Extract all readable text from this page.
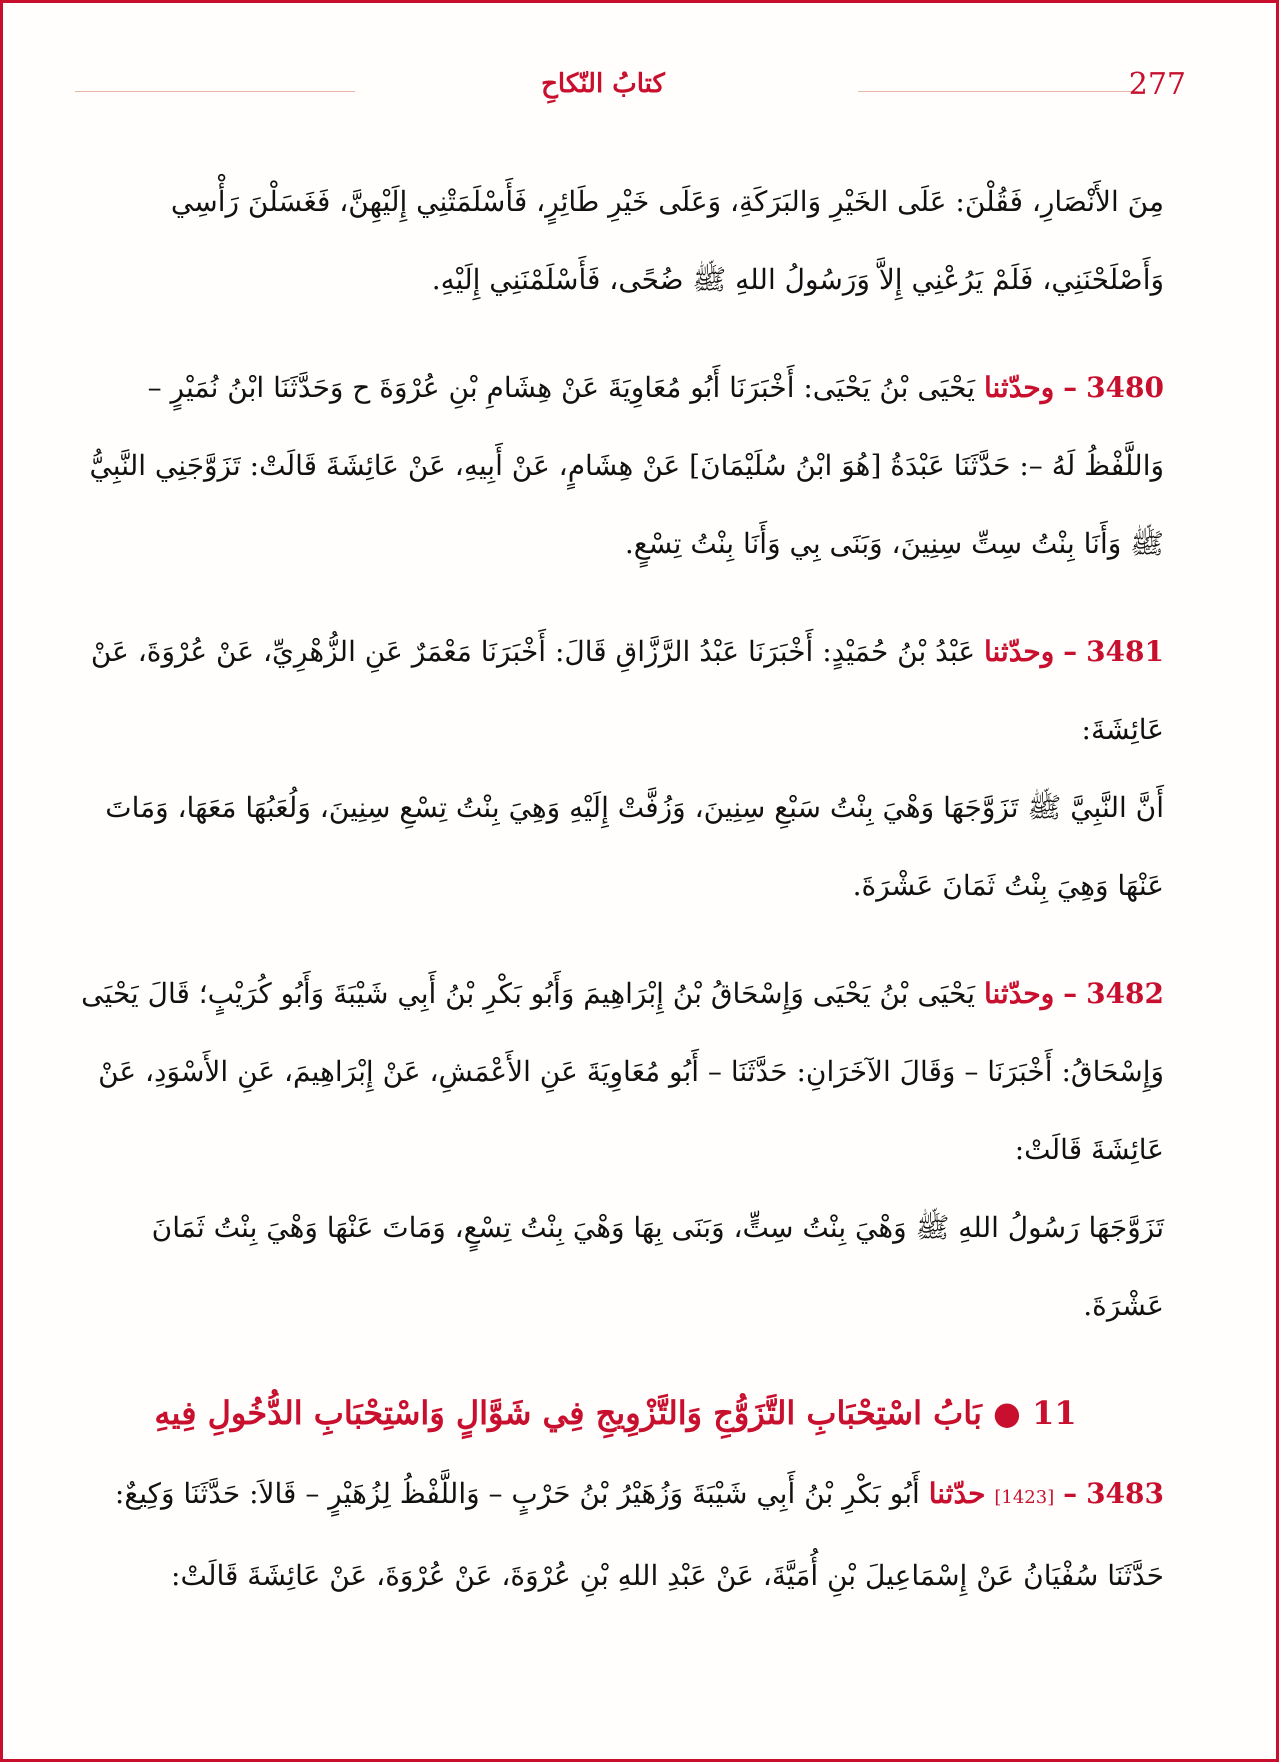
كتابُ النّكاحِ	277

مِنَ الأَنْصَارِ، فَقُلْنَ: عَلَى الخَيْرِ وَالبَرَكَةِ، وَعَلَى خَيْرِ طَائِرٍ، فَأَسْلَمَتْنِي إِلَيْهِنَّ، فَغَسَلْنَ رَأْسِي وَأَصْلَحْنَنِي، فَلَمْ يَرُعْنِي إِلاَّ وَرَسُولُ اللهِ ﷺ ضُحًى، فَأَسْلَمْنَنِي إِلَيْهِ.

3480 – وحدّثنا يَحْيَى بْنُ يَحْيَى: أَخْبَرَنَا أَبُو مُعَاوِيَةَ عَنْ هِشَامِ بْنِ عُرْوَةَ ح وَحَدَّثَنَا ابْنُ نُمَيْرٍ – وَاللَّفْظُ لَهُ –: حَدَّثَنَا عَبْدَةُ [هُوَ ابْنُ سُلَيْمَانَ] عَنْ هِشَامٍ، عَنْ أَبِيهِ، عَنْ عَائِشَةَ قَالَتْ: تَزَوَّجَنِي النَّبِيُّ ﷺ وَأَنَا بِنْتُ سِتِّ سِنِينَ، وَبَنَى بِي وَأَنَا بِنْتُ تِسْعٍ.

3481 – وحدّثنا عَبْدُ بْنُ حُمَيْدٍ: أَخْبَرَنَا عَبْدُ الرَّزَّاقِ قَالَ: أَخْبَرَنَا مَعْمَرٌ عَنِ الزُّهْرِيِّ، عَنْ عُرْوَةَ، عَنْ عَائِشَةَ:

أَنَّ النَّبِيَّ ﷺ تَزَوَّجَهَا وَهْيَ بِنْتُ سَبْعِ سِنِينَ، وَزُفَّتْ إِلَيْهِ وَهِيَ بِنْتُ تِسْعِ سِنِينَ، وَلُعَبُهَا مَعَهَا، وَمَاتَ عَنْهَا وَهِيَ بِنْتُ ثَمَانَ عَشْرَةَ.

3482 – وحدّثنا يَحْيَى بْنُ يَحْيَى وَإِسْحَاقُ بْنُ إِبْرَاهِيمَ وَأَبُو بَكْرِ بْنُ أَبِي شَيْبَةَ وَأَبُو كُرَيْبٍ؛ قَالَ يَحْيَى وَإِسْحَاقُ: أَخْبَرَنَا – وَقَالَ الآخَرَانِ: حَدَّثَنَا – أَبُو مُعَاوِيَةَ عَنِ الأَعْمَشِ، عَنْ إِبْرَاهِيمَ، عَنِ الأَسْوَدِ، عَنْ عَائِشَةَ قَالَتْ:

تَزَوَّجَهَا رَسُولُ اللهِ ﷺ وَهْيَ بِنْتُ سِتٍّ، وَبَنَى بِهَا وَهْيَ بِنْتُ تِسْعٍ، وَمَاتَ عَنْهَا وَهْيَ بِنْتُ ثَمَانَ عَشْرَةَ.

11 ● بَابُ اسْتِحْبَابِ التَّزَوُّجِ وَالتَّزْوِيجِ فِي شَوَّالٍ وَاسْتِحْبَابِ الدُّخُولِ فِيهِ

3483 – [1423] حدّثنا أَبُو بَكْرِ بْنُ أَبِي شَيْبَةَ وَزُهَيْرُ بْنُ حَرْبٍ – وَاللَّفْظُ لِزُهَيْرٍ – قَالاَ: حَدَّثَنَا وَكِيعٌ: حَدَّثَنَا سُفْيَانُ عَنْ إِسْمَاعِيلَ بْنِ أُمَيَّةَ، عَنْ عَبْدِ اللهِ بْنِ عُرْوَةَ، عَنْ عُرْوَةَ، عَنْ عَائِشَةَ قَالَتْ:
